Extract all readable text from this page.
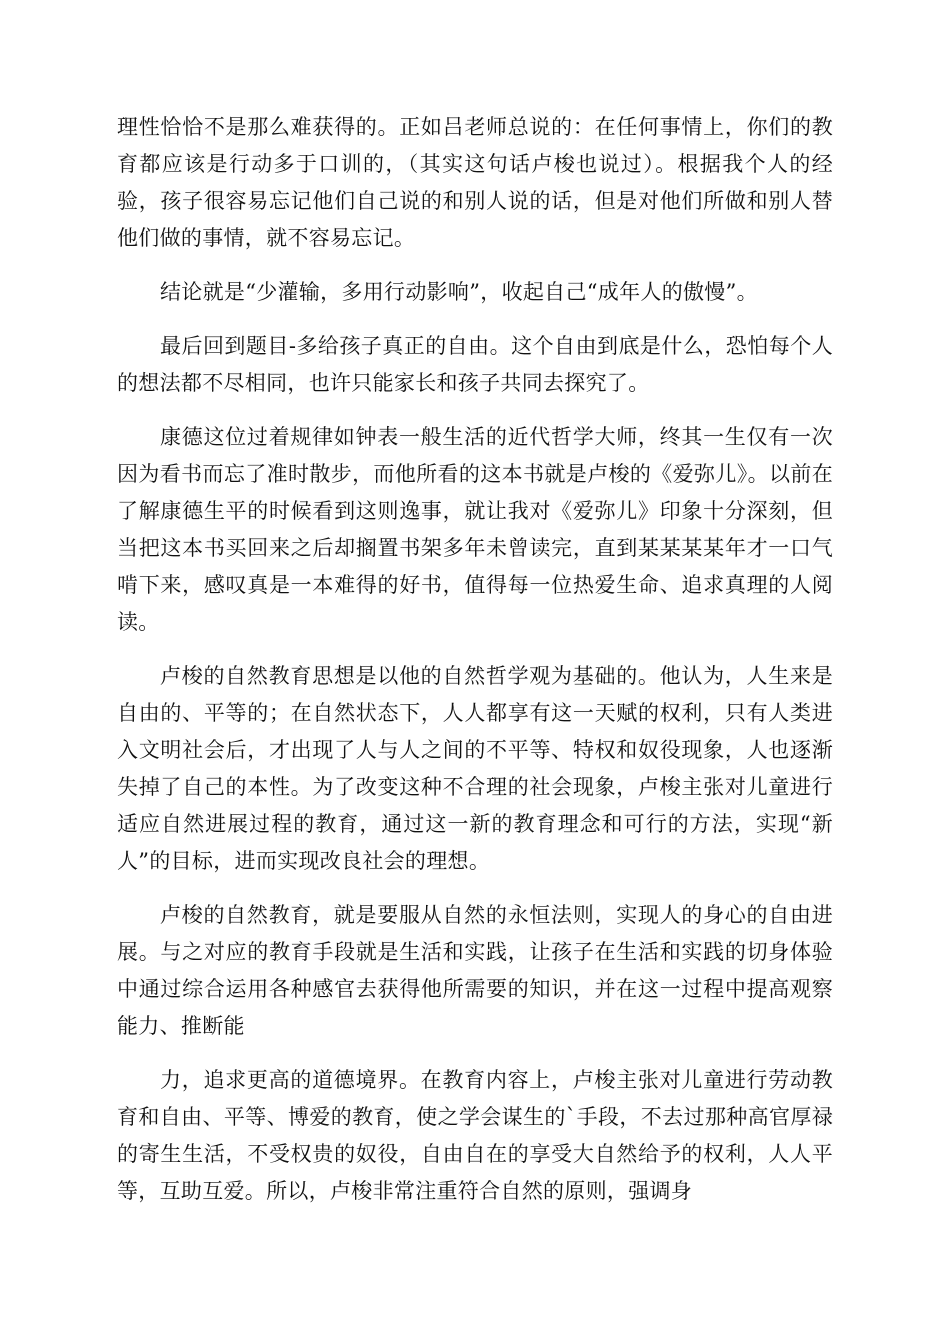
理性恰恰不是那么难获得的。正如吕老师总说的：在任何事情上，你们的教育都应该是行动多于口训的，（其实这句话卢梭也说过）。根据我个人的经验，孩子很容易忘记他们自己说的和别人说的话，但是对他们所做和别人替他们做的事情，就不容易忘记。

结论就是“少灌输，多用行动影响”，收起自己“成年人的傲慢”。

最后回到题目-多给孩子真正的自由。这个自由到底是什么，恐怕每个人的想法都不尽相同，也许只能家长和孩子共同去探究了。

康德这位过着规律如钟表一般生活的近代哲学大师，终其一生仅有一次因为看书而忘了准时散步，而他所看的这本书就是卢梭的《爱弥儿》。以前在了解康德生平的时候看到这则逸事，就让我对《爱弥儿》印象十分深刻，但当把这本书买回来之后却搁置书架多年未曾读完，直到某某某某年才一口气啃下来，感叹真是一本难得的好书，值得每一位热爱生命、追求真理的人阅读。

卢梭的自然教育思想是以他的自然哲学观为基础的。他认为，人生来是自由的、平等的；在自然状态下，人人都享有这一天赋的权利，只有人类进入文明社会后，才出现了人与人之间的不平等、特权和奴役现象，人也逐渐失掉了自己的本性。为了改变这种不合理的社会现象，卢梭主张对儿童进行适应自然进展过程的教育，通过这一新的教育理念和可行的方法，实现“新人”的目标，进而实现改良社会的理想。

卢梭的自然教育，就是要服从自然的永恒法则，实现人的身心的自由进展。与之对应的教育手段就是生活和实践，让孩子在生活和实践的切身体验中通过综合运用各种感官去获得他所需要的知识，并在这一过程中提高观察能力、推断能

力，追求更高的道德境界。在教育内容上，卢梭主张对儿童进行劳动教育和自由、平等、博爱的教育，使之学会谋生的`手段，不去过那种高官厚禄的寄生生活，不受权贵的奴役，自由自在的享受大自然给予的权利，人人平等，互助互爱。所以，卢梭非常注重符合自然的原则，强调身
